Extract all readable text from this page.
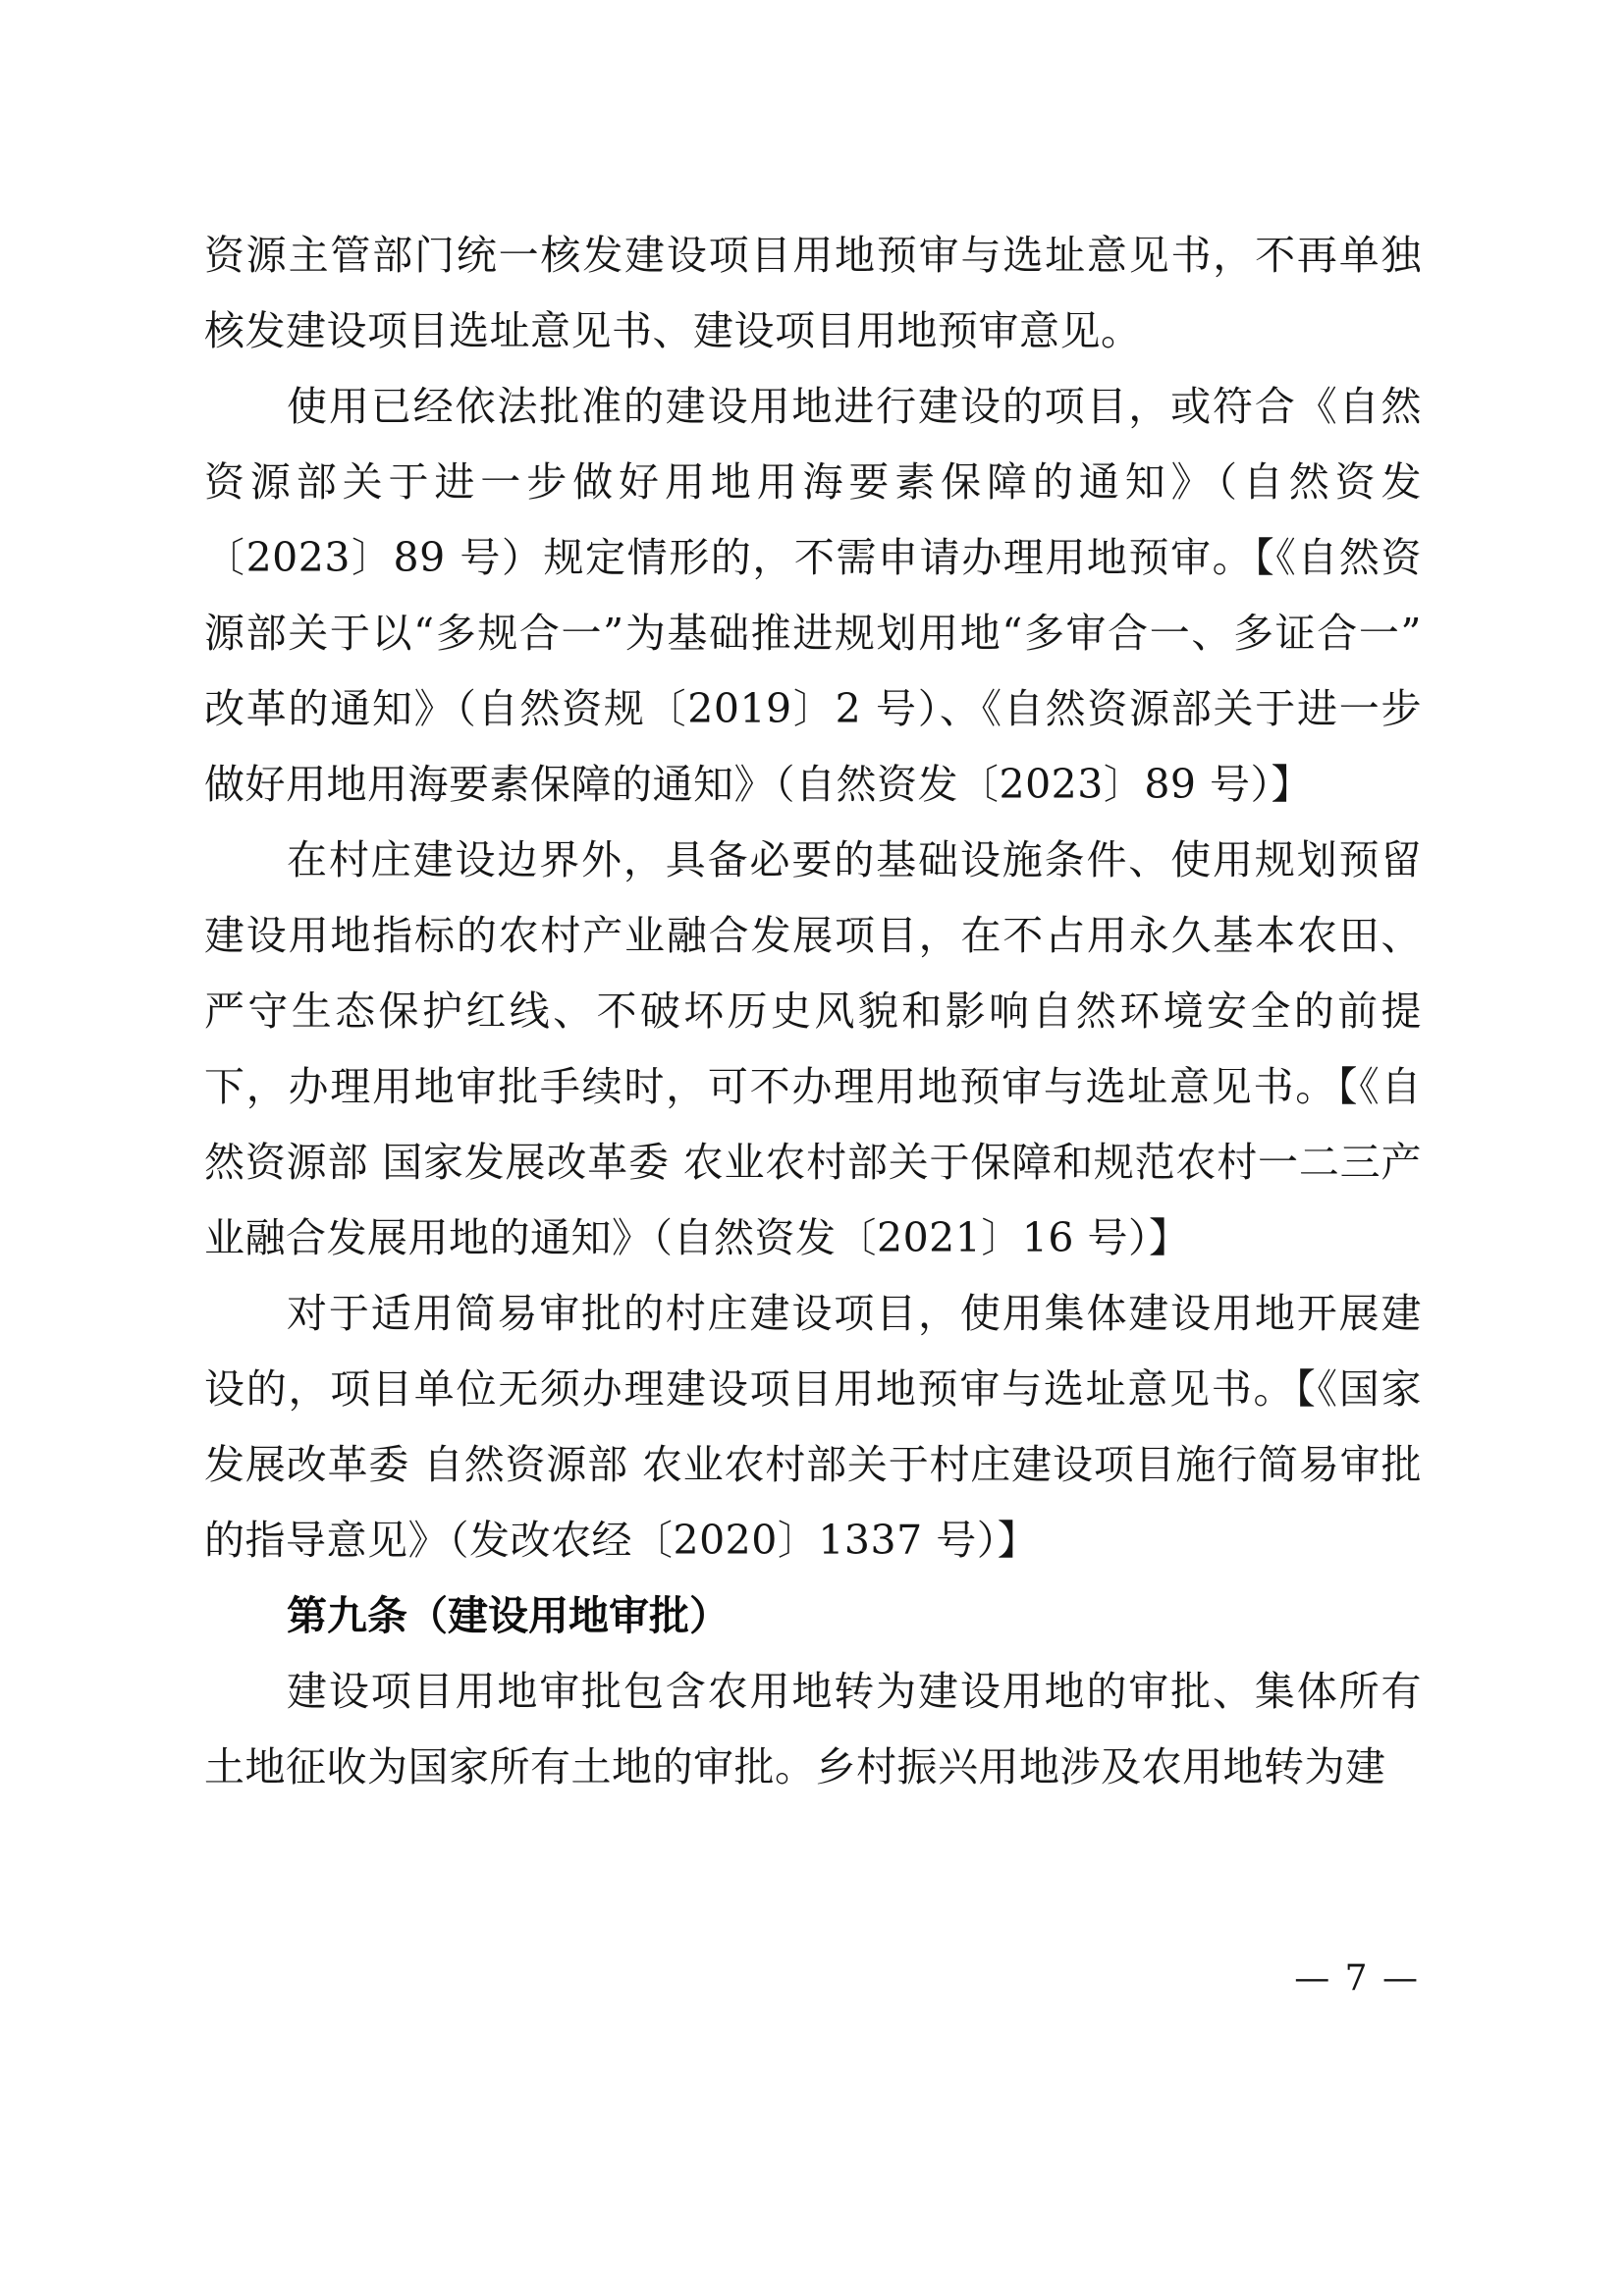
资源主管部门统一核发建设项目用地预审与选址意见书，不再单独核发建设项目选址意见书、建设项目用地预审意见。

使用已经依法批准的建设用地进行建设的项目，或符合《自然资源部关于进一步做好用地用海要素保障的通知》（自然资发〔2023〕89 号）规定情形的，不需申请办理用地预审。【《自然资源部关于以“多规合一”为基础推进规划用地“多审合一、多证合一”改革的通知》（自然资规〔2019〕2 号）、《自然资源部关于进一步做好用地用海要素保障的通知》（自然资发〔2023〕89 号）】

在村庄建设边界外，具备必要的基础设施条件、使用规划预留建设用地指标的农村产业融合发展项目，在不占用永久基本农田、严守生态保护红线、不破坏历史风貌和影响自然环境安全的前提下，办理用地审批手续时，可不办理用地预审与选址意见书。【《自然资源部 国家发展改革委 农业农村部关于保障和规范农村一二三产业融合发展用地的通知》（自然资发〔2021〕16 号）】

对于适用简易审批的村庄建设项目，使用集体建设用地开展建设的，项目单位无须办理建设项目用地预审与选址意见书。【《国家发展改革委 自然资源部 农业农村部关于村庄建设项目施行简易审批的指导意见》（发改农经〔2020〕1337 号）】

第九条（建设用地审批）

建设项目用地审批包含农用地转为建设用地的审批、集体所有土地征收为国家所有土地的审批。乡村振兴用地涉及农用地转为建

— 7 —
